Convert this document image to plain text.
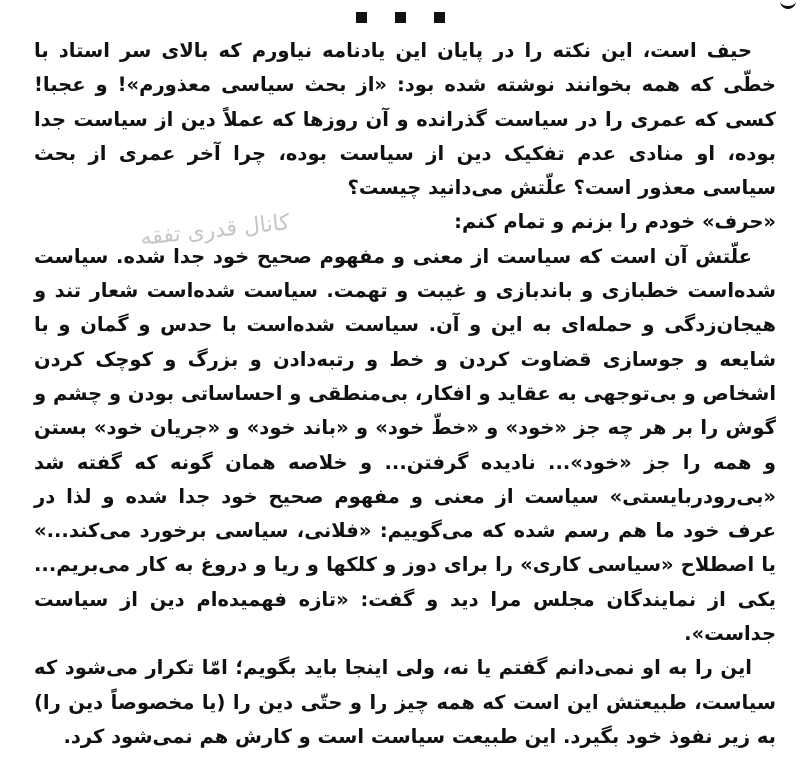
حیف است، این نکته را در پایان این یادنامه نیاورم که بالای سر استاد با خطّی که همه بخوانند نوشته شده بود: «از بحث سیاسی معذورم»! و عجبا! کسی که عمری را در سیاست گذرانده و آن روزها که عملاً دین از سیاست جدا بوده، او منادی عدم تفکیک دین از سیاست بوده، چرا آخر عمری از بحث سیاسی معذور است؟ علّتش می‌دانید چیست؟

«حرف» خودم را بزنم و تمام کنم:

علّتش آن است که سیاست از معنی و مفهوم صحیح خود جدا شده. سیاست شده‌است خطبازی و باندبازی و غیبت و تهمت. سیاست شده‌است شعار تند و هیجان‌زدگی و حمله‌ای به این و آن. سیاست شده‌است با حدس و گمان و با شایعه و جوسازی قضاوت کردن و خط و رتبه‌دادن و بزرگ و کوچک کردن اشخاص و بی‌توجهی به عقاید و افکار، بی‌منطقی و احساساتی بودن و چشم و گوش را بر هر چه جز «خود» و «خطّ خود» و «باند خود» و «جریان خود» بستن و همه را جز «خود»... نادیده گرفتن... و خلاصه همان گونه که گفته شد «بی‌رودربایستی» سیاست از معنی و مفهوم صحیح خود جدا شده و لذا در عرف خود ما هم رسم شده که می‌گوییم: «فلانی، سیاسی برخورد می‌کند...» یا اصطلاح «سیاسی کاری» را برای دوز و کلکها و ریا و دروغ به کار می‌بریم... یکی از نمایندگان مجلس مرا دید و گفت: «تازه فهمیده‌ام دین از سیاست جداست».

این را به او نمی‌دانم گفتم یا نه، ولی اینجا باید بگویم؛ امّا تکرار می‌شود که سیاست، طبیعتش این است که همه چیز را و حتّی دین را (یا مخصوصاً دین را) به زیر نفوذ خود بگیرد. این طبیعت سیاست است و کارش هم نمی‌شود کرد.

کانال قدری تفقه
